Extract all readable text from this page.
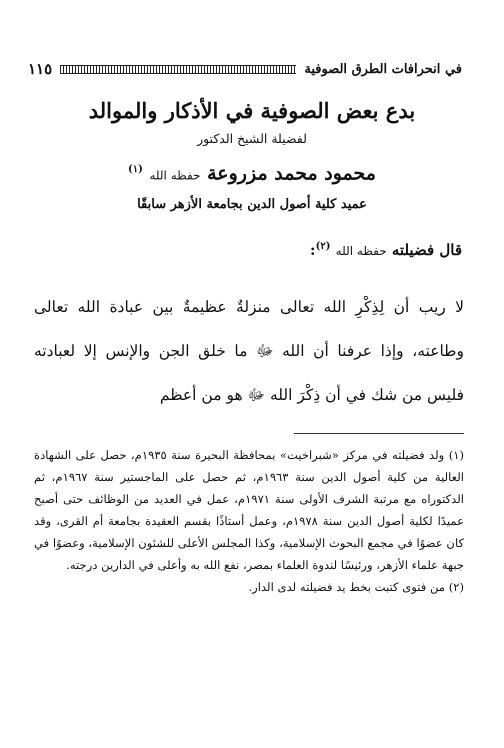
في انحرافات الطرق الصوفية
١١٥
بدع بعض الصوفية في الأذكار والموالد

لفضيلة الشيخ الدكتور

محمود محمد مزروعة حفظه الله $^{(١)}$

عميد كلية أصول الدين بجامعة الأزهر سابقًا

قال فضيلته حفظه الله $^{(٢)}$:

لا ريب أن لِذِكْرِ الله تعالى منزلةٌ عظيمةٌ بين عبادة الله تعالى وطاعته، وإذا عرفنا أن الله ﷻ ما خلق الجن والإنس إلا لعبادته فليس من شك في أن ذِكْرَ الله ﷻ هو من أعظم

(١) ولد فضيلته في مركز «شبراخيت» بمحافظة البحيرة سنة ١٩٣٥م، حصل على الشهادة العالية من كلية أصول الدين سنة ١٩٦٣م، ثم حصل على الماجستير سنة ١٩٦٧م، ثم الدكتوراه مع مرتبة الشرف الأولى سنة ١٩٧١م، عمل في العديد من الوظائف حتى أصبح عميدًا لكلية أصول الدين سنة ١٩٧٨م، وعمل أستاذًا بقسم العقيدة بجامعة أم القرى، وقد كان عضوًا في مجمع البحوث الإسلامية، وكذا المجلس الأعلى للشئون الإسلامية، وعضوًا في جبهة علماء الأزهر، ورئيسًا لندوة العلماء بمصر، نفع الله به وأعلى في الدارين درجته.

(٢) من فتوى كتبت بخط يد فضيلته لدى الدار.
